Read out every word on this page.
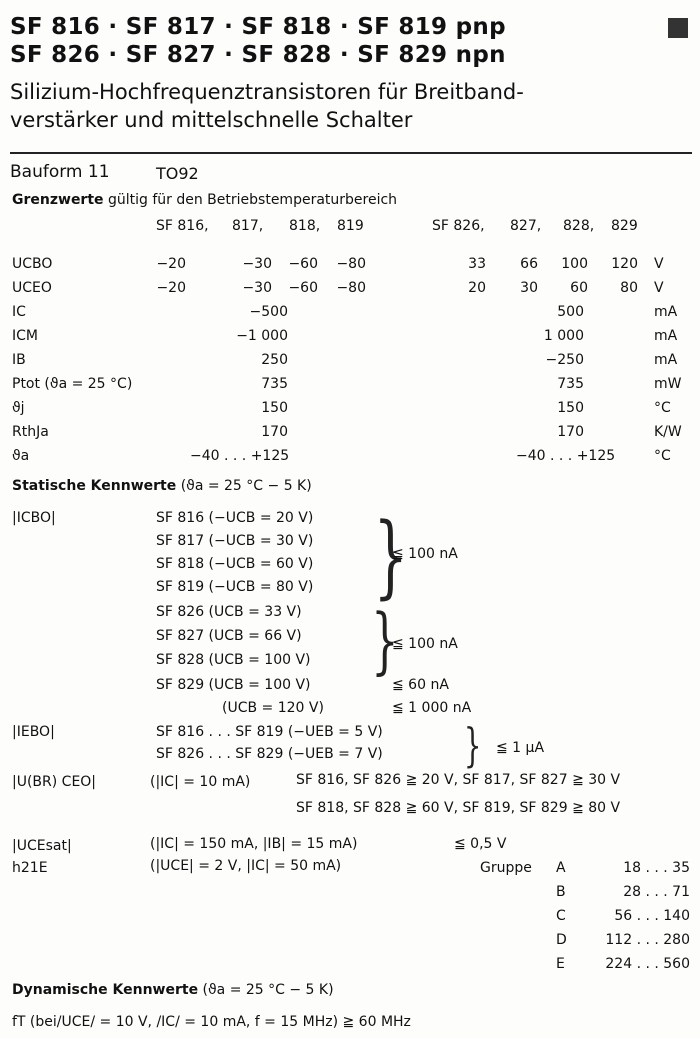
SF 816 · SF 817 · SF 818 · SF 819 pnp
SF 826 · SF 827 · SF 828 · SF 829 npn
Silizium-Hochfrequenztransistoren für Breitband-
verstärker und mittelschnelle Schalter
Bauform 11	TO92
Grenzwerte gültig für den Betriebstemperaturbereich
SF 816, 817, 818, 819	SF 826, 827, 828, 829
UCBO	−20	−30	−60	−80	33	66	100	120 V
UCEO	−20	−30	−60	−80	20	30	60	80 V
IC	−500	500	mA
ICM	−1 000	1 000	mA
IB	250	−250	mA
Ptot (ϑa = 25 °C)	735	735	mW
ϑj	150	150	°C
RthJa	170	170	K/W
ϑa	−40 . . . +125	−40 . . . +125	°C
Statische Kennwerte (ϑa = 25 °C − 5 K)
|ICBO|	SF 816 (−UCB = 20 V)
SF 817 (−UCB = 30 V)
SF 818 (−UCB = 60 V)
SF 819 (−UCB = 80 V) }
≦ 100 nA
SF 826 (UCB = 33 V)
SF 827 (UCB = 66 V)
SF 828 (UCB = 100 V) }
≦ 100 nA
SF 829 (UCB = 100 V)	≦ 60 nA
(UCB = 120 V)	≦ 1 000 nA
|IEBO|	SF 816 . . . SF 819 (−UEB = 5 V)
SF 826 . . . SF 829 (−UEB = 7 V) } ≦ 1 μA
|U(BR) CEO|	(|IC| = 10 mA)	SF 816, SF 826 ≧ 20 V, SF 817, SF 827 ≧ 30 V
SF 818, SF 828 ≧ 60 V, SF 819, SF 829 ≧ 80 V
|UCEsat|	(|IC| = 150 mA, |IB| = 15 mA)	≦ 0,5 V
h21E	(|UCE| = 2 V, |IC| = 50 mA)	Gruppe A	18 . . . 35
B	28 . . . 71
C	56 . . . 140
D	112 . . . 280
E	224 . . . 560
Dynamische Kennwerte (ϑa = 25 °C − 5 K)
fT (bei/UCE/ = 10 V, /IC/ = 10 mA, f = 15 MHz) ≧ 60 MHz
